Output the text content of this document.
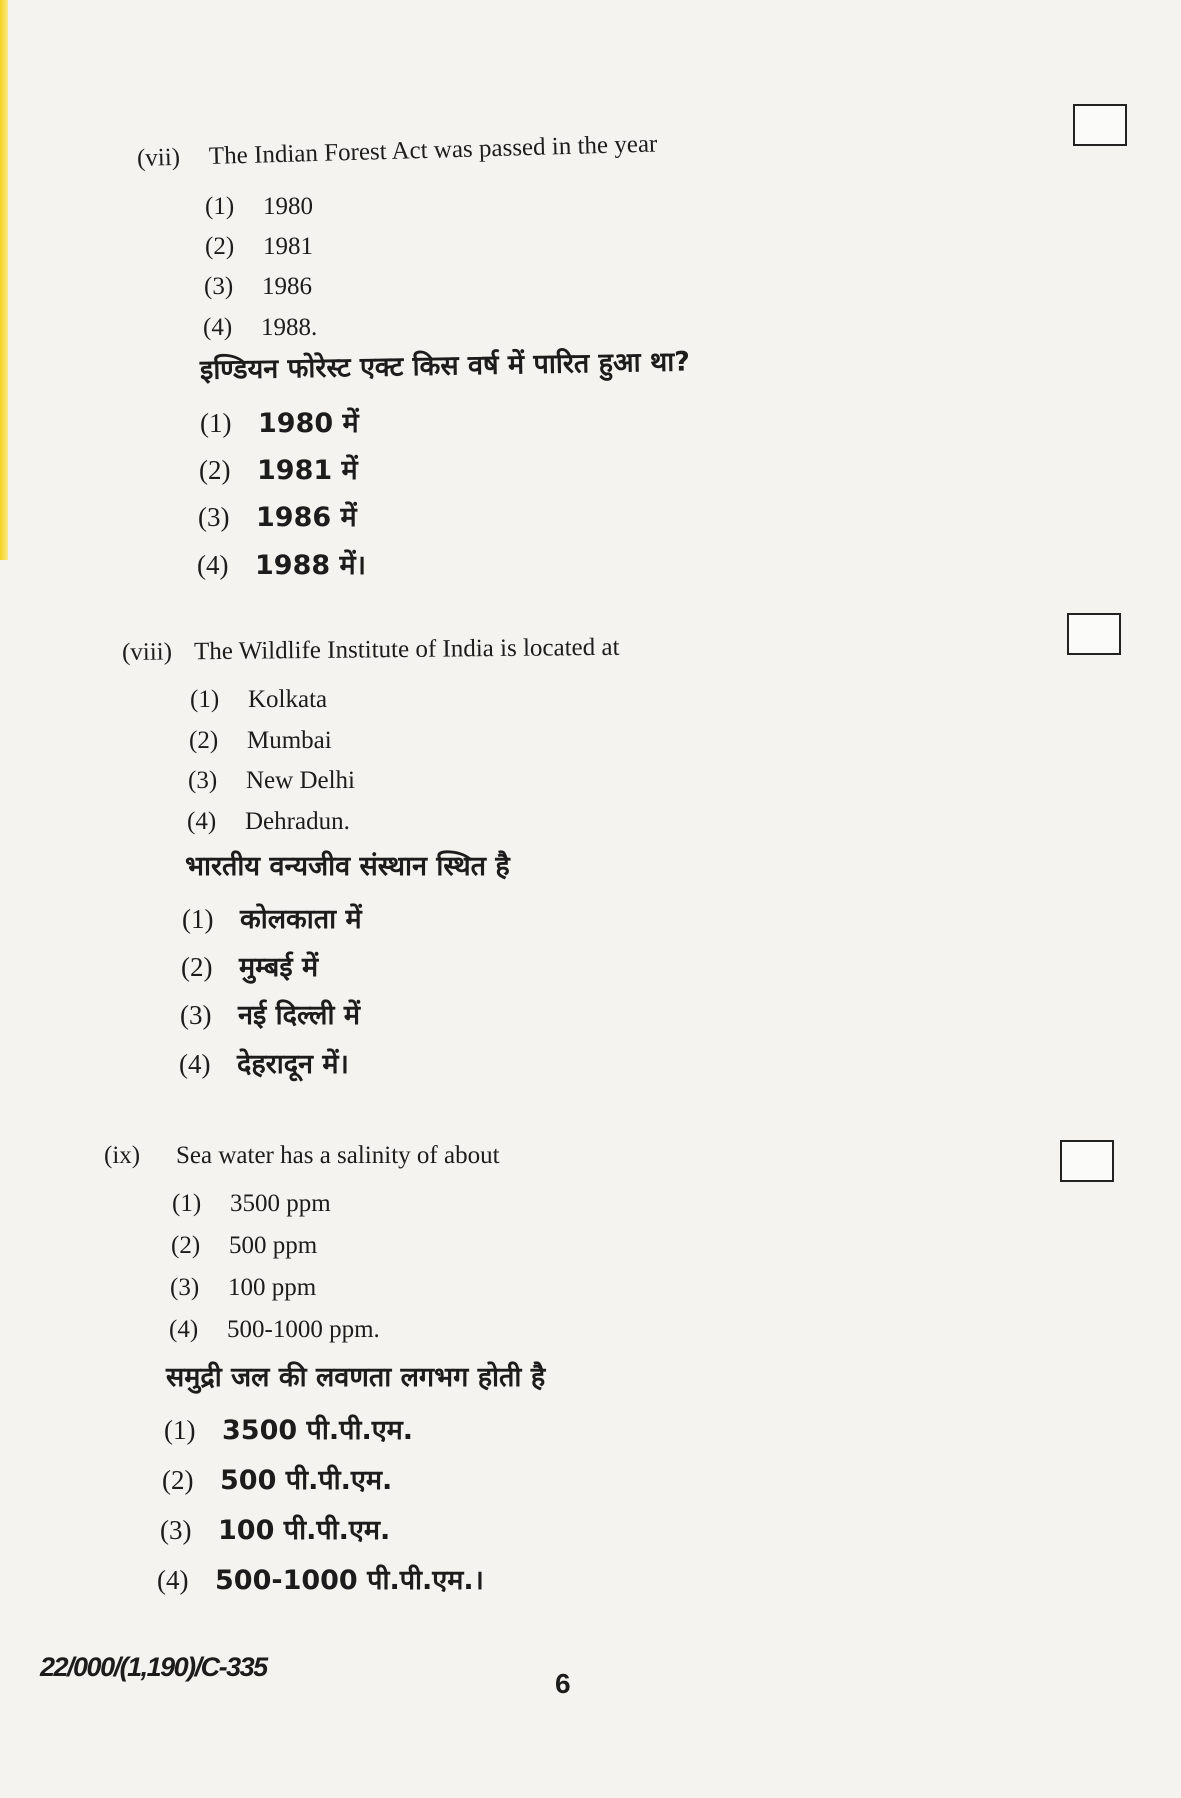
(vii) The Indian Forest Act was passed in the year
(1) 1980
(2) 1981
(3) 1986
(4) 1988.
इण्डियन फोरेस्ट एक्ट किस वर्ष में पारित हुआ था?
(1) 1980 में
(2) 1981 में
(3) 1986 में
(4) 1988 में।
(viii) The Wildlife Institute of India is located at
(1) Kolkata
(2) Mumbai
(3) New Delhi
(4) Dehradun.
भारतीय वन्यजीव संस्थान स्थित है
(1) कोलकाता में
(2) मुम्बई में
(3) नई दिल्ली में
(4) देहरादून में।
(ix) Sea water has a salinity of about
(1) 3500 ppm
(2) 500 ppm
(3) 100 ppm
(4) 500-1000 ppm.
समुद्री जल की लवणता लगभग होती है
(1) 3500 पी.पी.एम.
(2) 500 पी.पी.एम.
(3) 100 पी.पी.एम.
(4) 500-1000 पी.पी.एम.।
22/000/(1,190)/C-335
6
